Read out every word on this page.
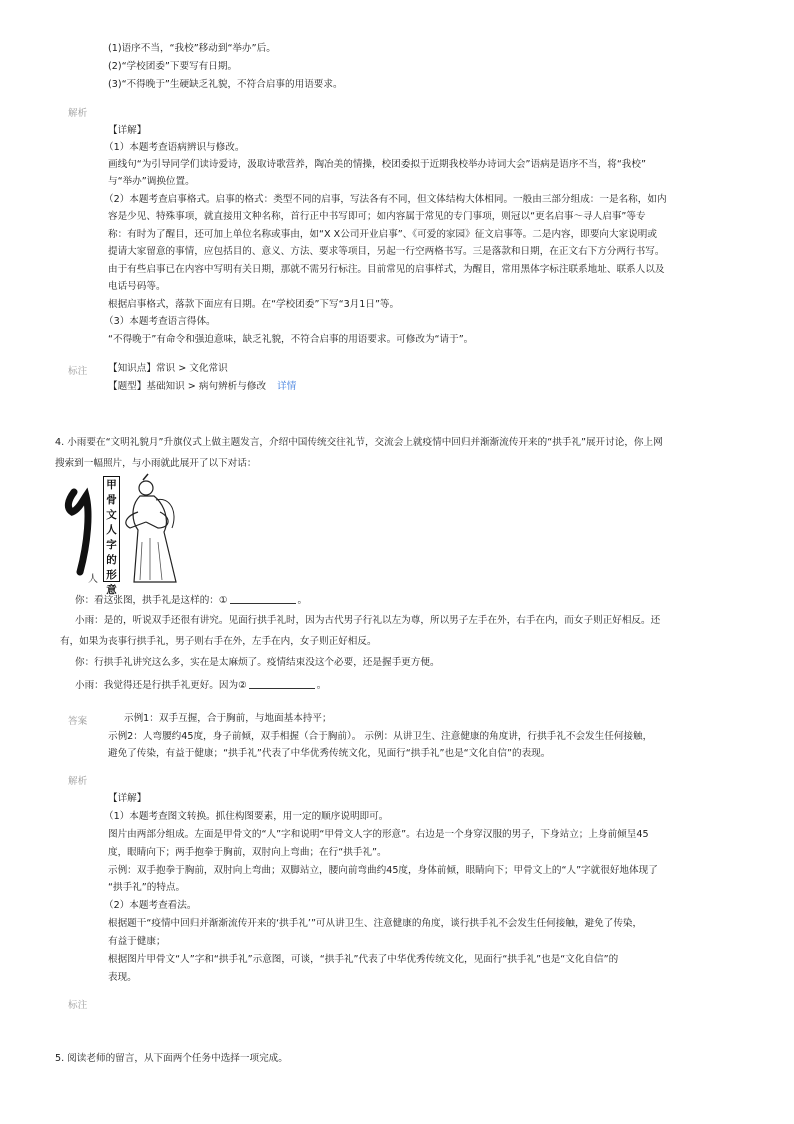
(1)语序不当，“我校”移动到“举办”后。
(2)“学校团委”下要写有日期。
(3)“不得晚于”生硬缺乏礼貌，不符合启事的用语要求。
解析
【详解】
（1）本题考查语病辨识与修改。
画线句“为引导同学们读诗爱诗，汲取诗歌营养，陶冶美的情操，校团委拟于近期我校举办诗词大会”语病是语序不当，将“我校”
与“举办”调换位置。
（2）本题考查启事格式。启事的格式：类型不同的启事，写法各有不同，但文体结构大体相同。一般由三部分组成：一是名称，如内
容是少见、特殊事项，就直接用文种名称，首行正中书写即可；如内容属于常见的专门事项，则冠以“更名启事～寻人启事”等专
称：有时为了醒目，还可加上单位名称或事由，如“X X公司开业启事”、《可爱的家园》征文启事等。二是内容，即要向大家说明或
提请大家留意的事情，应包括目的、意义、方法、要求等项目，另起一行空两格书写。三是落款和日期，在正文右下方分两行书写。
由于有些启事已在内容中写明有关日期，那就不需另行标注。目前常见的启事样式，为醒目，常用黑体字标注联系地址、联系人以及
电话号码等。
根据启事格式，落款下面应有日期。在“学校团委”下写“3月1日”等。
（3）本题考查语言得体。
“不得晚于”有命令和强迫意味，缺乏礼貌，不符合启事的用语要求。可修改为“请于”。
标注 【知识点】常识 > 文化常识
【题型】基础知识 > 病句辨析与修改 详情
4. 小雨要在“文明礼貌月”升旗仪式上做主题发言，介绍中国传统交往礼节，交流会上就疫情中回归并渐渐流传开来的“拱手礼”展开讨论，你上网
搜索到一幅照片，与小雨就此展开了以下对话：
人
甲
骨
文
人
字
的
形
意
你：看这张图，拱手礼是这样的：①	。
小雨：是的，听说双手还很有讲究。见面行拱手礼时，因为古代男子行礼以左为尊，所以男子左手在外，右手在内，而女子则正好相反。还
有，如果为丧事行拱手礼，男子则右手在外，左手在内，女子则正好相反。
你：行拱手礼讲究这么多，实在是太麻烦了。疫情结束没这个必要，还是握手更方便。
小雨：我觉得还是行拱手礼更好。因为②	。
答案	示例1：双手互握，合于胸前，与地面基本持平；
示例2：人弯腰约45度，身子前倾，双手相握（合于胸前）。 示例：从讲卫生、注意健康的角度讲，行拱手礼不会发生任何接触，
避免了传染，有益于健康；“拱手礼”代表了中华优秀传统文化，见面行“拱手礼”也是“文化自信”的表现。
解析
【详解】
（1）本题考查图文转换。抓住构图要素，用一定的顺序说明即可。
图片由两部分组成。左面是甲骨文的“人”字和说明“甲骨文人字的形意”。右边是一个身穿汉服的男子，下身站立；上身前倾呈45
度，眼睛向下；两手抱拳于胸前，双肘向上弯曲；在行“拱手礼”。
示例：双手抱拳于胸前，双肘向上弯曲；双脚站立，腰向前弯曲约45度，身体前倾，眼睛向下；甲骨文上的“人”字就很好地体现了
“拱手礼”的特点。
（2）本题考查看法。
根据题干“疫情中回归并渐渐流传开来的‘拱手礼’”可从讲卫生、注意健康的角度，谈行拱手礼不会发生任何接触，避免了传染，
有益于健康；
根据图片甲骨文“人”字和“拱手礼”示意图，可谈，“拱手礼”代表了中华优秀传统文化，见面行“拱手礼”也是“文化自信”的
表现。
标注
5. 阅读老师的留言，从下面两个任务中选择一项完成。
